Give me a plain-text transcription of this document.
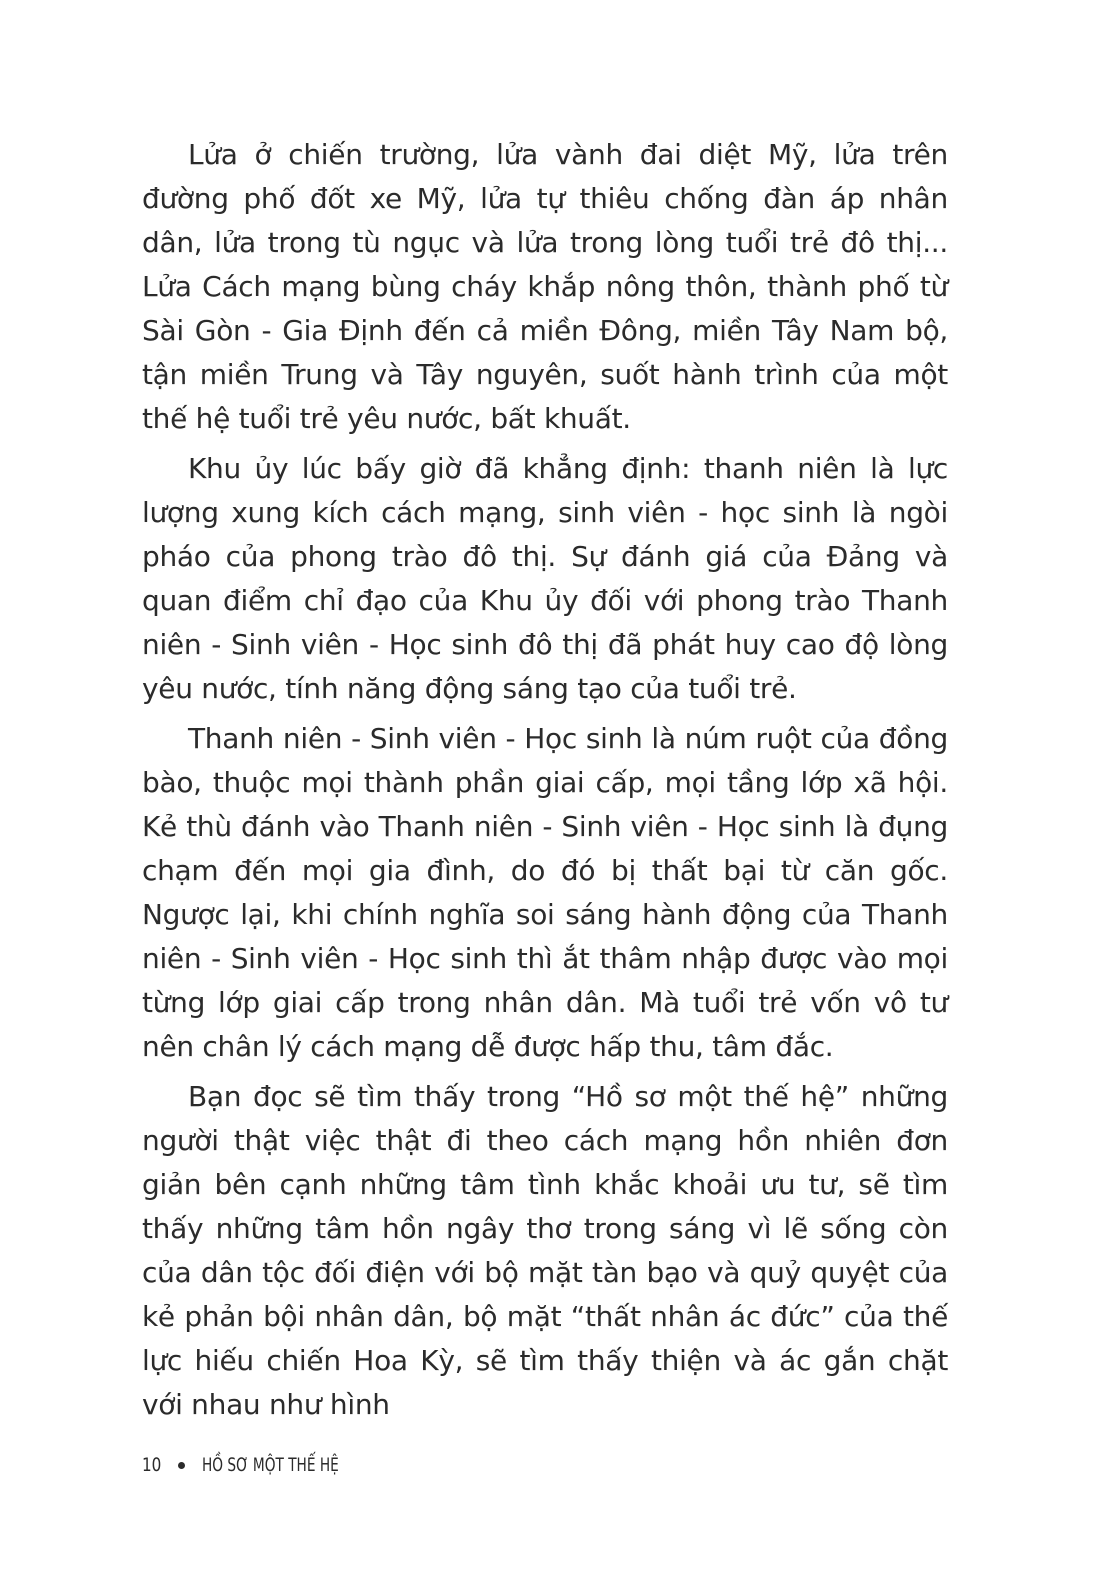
Lửa ở chiến trường, lửa vành đai diệt Mỹ, lửa trên đường phố đốt xe Mỹ, lửa tự thiêu chống đàn áp nhân dân, lửa trong tù ngục và lửa trong lòng tuổi trẻ đô thị... Lửa Cách mạng bùng cháy khắp nông thôn, thành phố từ Sài Gòn - Gia Định đến cả miền Đông, miền Tây Nam bộ, tận miền Trung và Tây nguyên, suốt hành trình của một thế hệ tuổi trẻ yêu nước, bất khuất.

Khu ủy lúc bấy giờ đã khẳng định: thanh niên là lực lượng xung kích cách mạng, sinh viên - học sinh là ngòi pháo của phong trào đô thị. Sự đánh giá của Đảng và quan điểm chỉ đạo của Khu ủy đối với phong trào Thanh niên - Sinh viên - Học sinh đô thị đã phát huy cao độ lòng yêu nước, tính năng động sáng tạo của tuổi trẻ.

Thanh niên - Sinh viên - Học sinh là núm ruột của đồng bào, thuộc mọi thành phần giai cấp, mọi tầng lớp xã hội. Kẻ thù đánh vào Thanh niên - Sinh viên - Học sinh là đụng chạm đến mọi gia đình, do đó bị thất bại từ căn gốc. Ngược lại, khi chính nghĩa soi sáng hành động của Thanh niên - Sinh viên - Học sinh thì ắt thâm nhập được vào mọi từng lớp giai cấp trong nhân dân. Mà tuổi trẻ vốn vô tư nên chân lý cách mạng dễ được hấp thu, tâm đắc.

Bạn đọc sẽ tìm thấy trong “Hồ sơ một thế hệ” những người thật việc thật đi theo cách mạng hồn nhiên đơn giản bên cạnh những tâm tình khắc khoải ưu tư, sẽ tìm thấy những tâm hồn ngây thơ trong sáng vì lẽ sống còn của dân tộc đối điện với bộ mặt tàn bạo và quỷ quyệt của kẻ phản bội nhân dân, bộ mặt “thất nhân ác đức” của thế lực hiếu chiến Hoa Kỳ, sẽ tìm thấy thiện và ác gắn chặt với nhau như hình

10 HỒ SƠ MỘT THẾ HỆ
